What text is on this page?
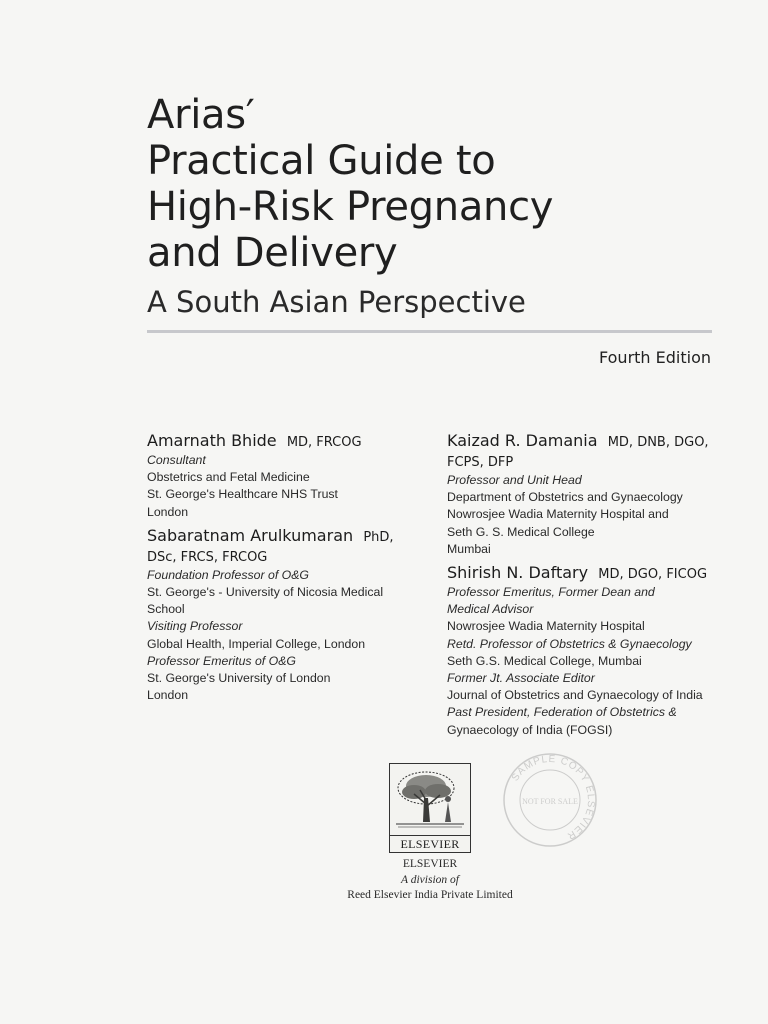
Arias′
Practical Guide to
High-Risk Pregnancy
and Delivery
A South Asian Perspective
Fourth Edition
Amarnath Bhide MD, FRCOG
Consultant
Obstetrics and Fetal Medicine
St. George's Healthcare NHS Trust
London
Sabaratnam Arulkumaran PhD, DSc, FRCS, FRCOG
Foundation Professor of O&G
St. George's - University of Nicosia Medical
School
Visiting Professor
Global Health, Imperial College, London
Professor Emeritus of O&G
St. George's University of London
London
Kaizad R. Damania MD, DNB, DGO, FCPS, DFP
Professor and Unit Head
Department of Obstetrics and Gynaecology
Nowrosjee Wadia Maternity Hospital and
Seth G. S. Medical College
Mumbai
Shirish N. Daftary MD, DGO, FICOG
Professor Emeritus, Former Dean and
Medical Advisor
Nowrosjee Wadia Maternity Hospital
Retd. Professor of Obstetrics & Gynaecology
Seth G.S. Medical College, Mumbai
Former Jt. Associate Editor
Journal of Obstetrics and Gynaecology of India
Past President, Federation of Obstetrics &
Gynaecology of India (FOGSI)
ELSEVIER
ELSEVIER
A division of
Reed Elsevier India Private Limited
SAMPLE COPY ELSEVIER
NOT FOR SALE
